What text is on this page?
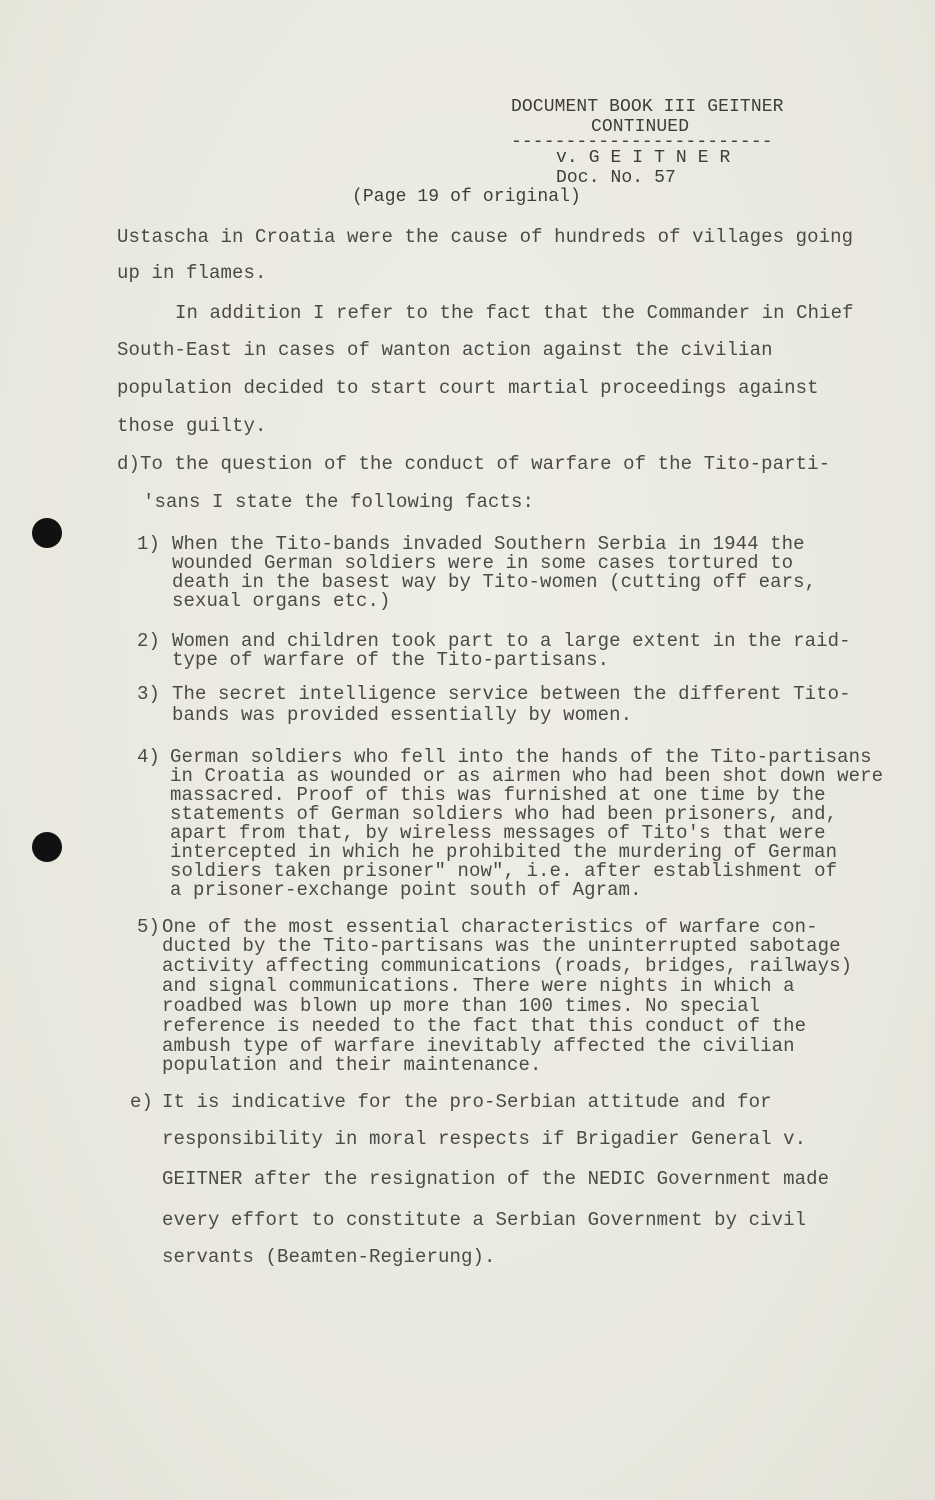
DOCUMENT BOOK III GEITNER
CONTINUED
------------------------
v. G E I T N E R
Doc. No. 57
(Page 19 of original)
Ustascha in Croatia were the cause of hundreds of villages going
up in flames.
In addition I refer to the fact that the Commander in Chief
South-East in cases of wanton action against the civilian
population decided to start court martial proceedings against
those guilty.
d)To the question of the conduct of warfare of the Tito-parti-
'sans I state the following facts:
1) When the Tito-bands invaded Southern Serbia in 1944 the
wounded German soldiers were in some cases tortured to
death in the basest way by Tito-women (cutting off ears,
sexual organs etc.)
2) Women and children took part to a large extent in the raid-
type of warfare of the Tito-partisans.
3) The secret intelligence service between the different Tito-
bands was provided essentially by women.
4) German soldiers who fell into the hands of the Tito-partisans
in Croatia as wounded or as airmen who had been shot down were
massacred. Proof of this was furnished at one time by the
statements of German soldiers who had been prisoners, and,
apart from that, by wireless messages of Tito's that were
intercepted in which he prohibited the murdering of German
soldiers taken prisoner" now", i.e. after establishment of
a prisoner-exchange point south of Agram.
5) One of the most essential characteristics of warfare con-
ducted by the Tito-partisans was the uninterrupted sabotage
activity affecting communications (roads, bridges, railways)
and signal communications. There were nights in which a
roadbed was blown up more than 100 times. No special
reference is needed to the fact that this conduct of the
ambush type of warfare inevitably affected the civilian
population and their maintenance.
e) It is indicative for the pro-Serbian attitude and for
responsibility in moral respects if Brigadier General v.
GEITNER after the resignation of the NEDIC Government made
every effort to constitute a Serbian Government by civil
servants (Beamten-Regierung).
